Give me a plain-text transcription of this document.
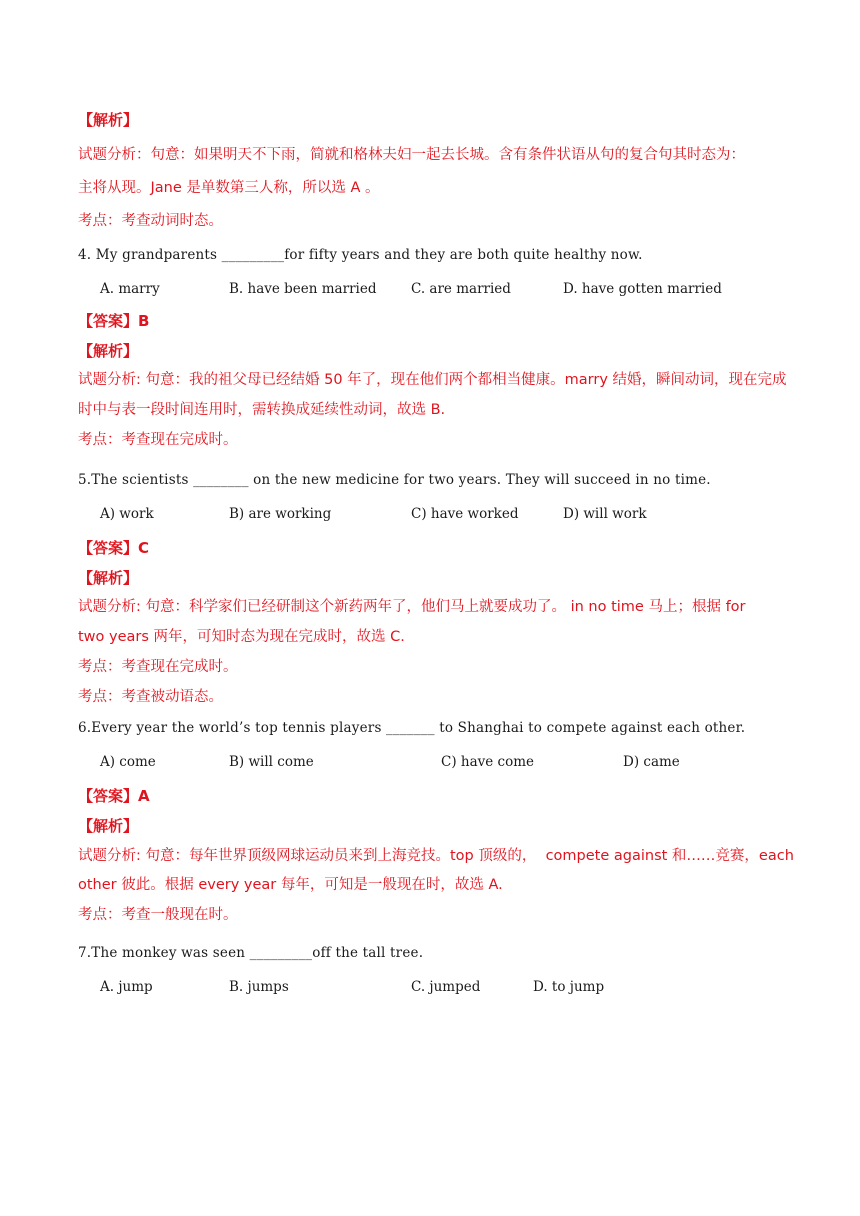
【解析】
试题分析：句意：如果明天不下雨，简就和格林夫妇一起去长城。含有条件状语从句的复合句其时态为：
主将从现。Jane 是单数第三人称，所以选 A 。
考点：考查动词时态。
4. My grandparents _________for fifty years and they are both quite healthy now.
A. marry	B. have been married	C. are married	D. have gotten married
【答案】B
【解析】
试题分析: 句意：我的祖父母已经结婚 50 年了，现在他们两个都相当健康。marry 结婚，瞬间动词，现在完成
时中与表一段时间连用时，需转换成延续性动词，故选 B.
考点：考查现在完成时。
5.The scientists ________ on the new medicine for two years. They will succeed in no time.
A) work	B) are working	C) have worked	D) will work
【答案】C
【解析】
试题分析: 句意：科学家们已经研制这个新药两年了，他们马上就要成功了。 in no time 马上；根据 for
two years 两年，可知时态为现在完成时，故选 C.
考点：考查现在完成时。
考点：考查被动语态。
6.Every year the world’s top tennis players _______ to Shanghai to compete against each other.
A) come	B) will come	C) have come	D) came
【答案】A
【解析】
试题分析: 句意：每年世界顶级网球运动员来到上海竞技。top 顶级的，  compete against 和……竞赛，each
other 彼此。根据 every year 每年，可知是一般现在时，故选 A.
考点：考查一般现在时。
7.The monkey was seen _________off the tall tree.
A. jump	B. jumps	C. jumped	D. to jump
